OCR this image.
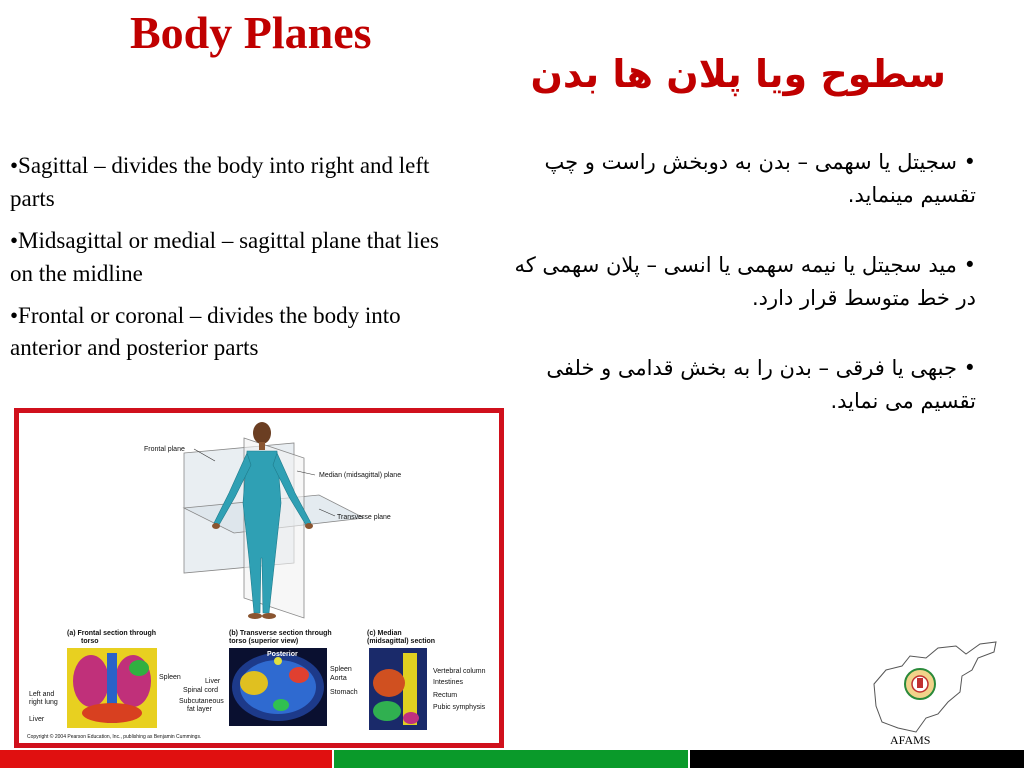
Body Planes
سطوح ویا پلان ها بدن

•Sagittal – divides the body into right and left parts

•Midsagittal or medial – sagittal plane that lies on the midline

•Frontal or coronal – divides the body into anterior and posterior parts

• سجیتل یا سهمی – بدن به دوبخش راست و چپ تقسیم مینماید.

• مید سجیتل یا نیمه سهمی یا انسی – پلان سهمی که در خط متوسط قرار دارد.

• جبهی یا فرقی – بدن را به بخش قدامی و خلفی تقسیم می نماید.

Frontal plane
Median (midsagittal) plane
Transverse plane
(a) Frontal section through
torso
(b) Transverse section through
torso (superior view)
(c) Median
(midsagittal) section
Spleen
Left and
right lung
Liver
Posterior
Liver
Spinal cord
Subcutaneous
fat layer
Spleen
Aorta
Stomach
Vertebral column
Intestines
Rectum
Pubic symphysis
Copyright © 2004 Pearson Education, Inc., publishing as Benjamin Cummings.	AFAMS
